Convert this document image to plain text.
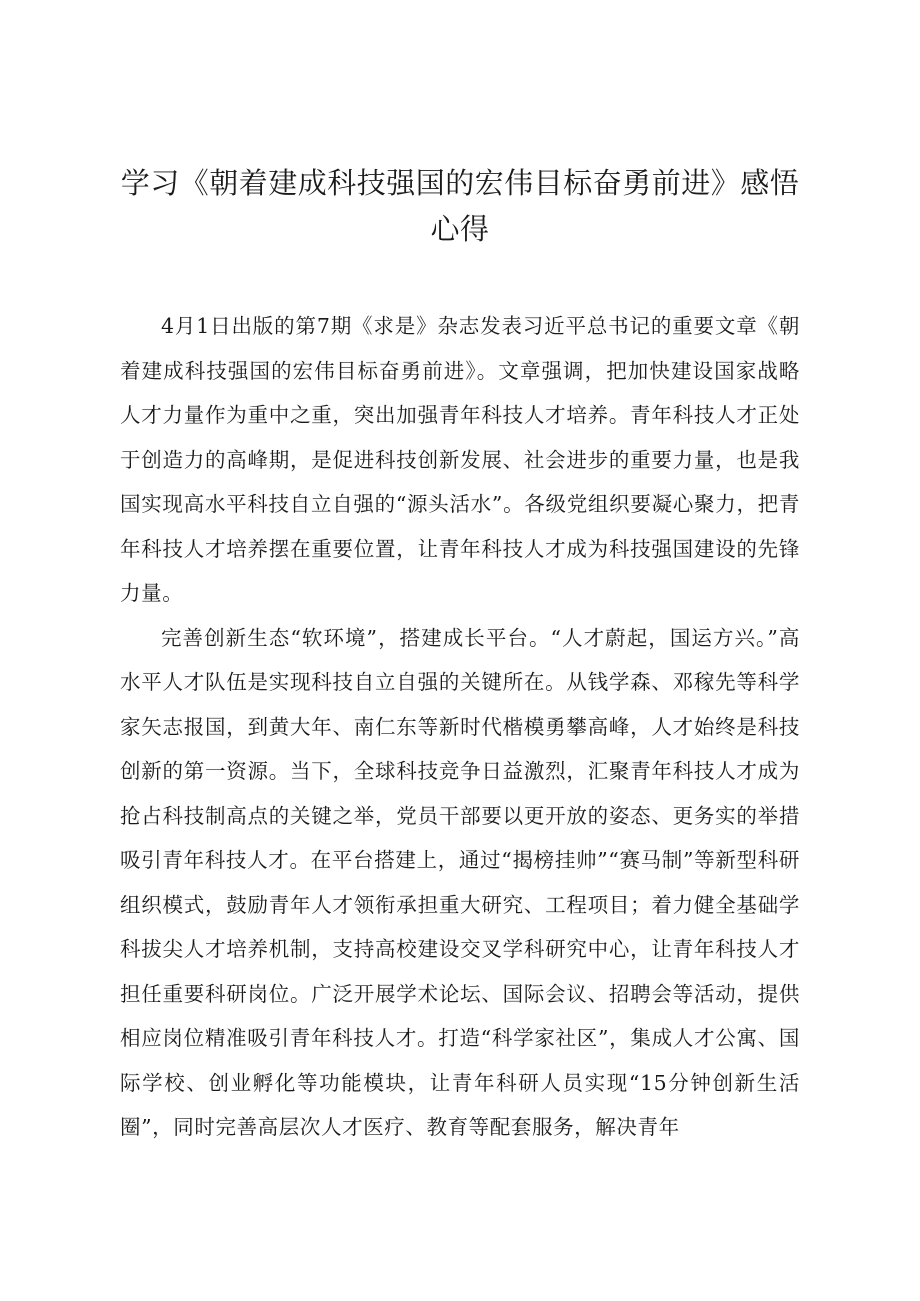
学习《朝着建成科技强国的宏伟目标奋勇前进》感悟心得

4月1日出版的第7期《求是》杂志发表习近平总书记的重要文章《朝着建成科技强国的宏伟目标奋勇前进》。文章强调，把加快建设国家战略人才力量作为重中之重，突出加强青年科技人才培养。青年科技人才正处于创造力的高峰期，是促进科技创新发展、社会进步的重要力量，也是我国实现高水平科技自立自强的“源头活水”。各级党组织要凝心聚力，把青年科技人才培养摆在重要位置，让青年科技人才成为科技强国建设的先锋力量。

完善创新生态“软环境”，搭建成长平台。“人才蔚起，国运方兴。”高水平人才队伍是实现科技自立自强的关键所在。从钱学森、邓稼先等科学家矢志报国，到黄大年、南仁东等新时代楷模勇攀高峰，人才始终是科技创新的第一资源。当下，全球科技竞争日益激烈，汇聚青年科技人才成为抢占科技制高点的关键之举，党员干部要以更开放的姿态、更务实的举措吸引青年科技人才。在平台搭建上，通过“揭榜挂帅”“赛马制”等新型科研组织模式，鼓励青年人才领衔承担重大研究、工程项目；着力健全基础学科拔尖人才培养机制，支持高校建设交叉学科研究中心，让青年科技人才担任重要科研岗位。广泛开展学术论坛、国际会议、招聘会等活动，提供相应岗位精准吸引青年科技人才。打造“科学家社区”，集成人才公寓、国际学校、创业孵化等功能模块，让青年科研人员实现“15分钟创新生活圈”，同时完善高层次人才医疗、教育等配套服务，解决青年
